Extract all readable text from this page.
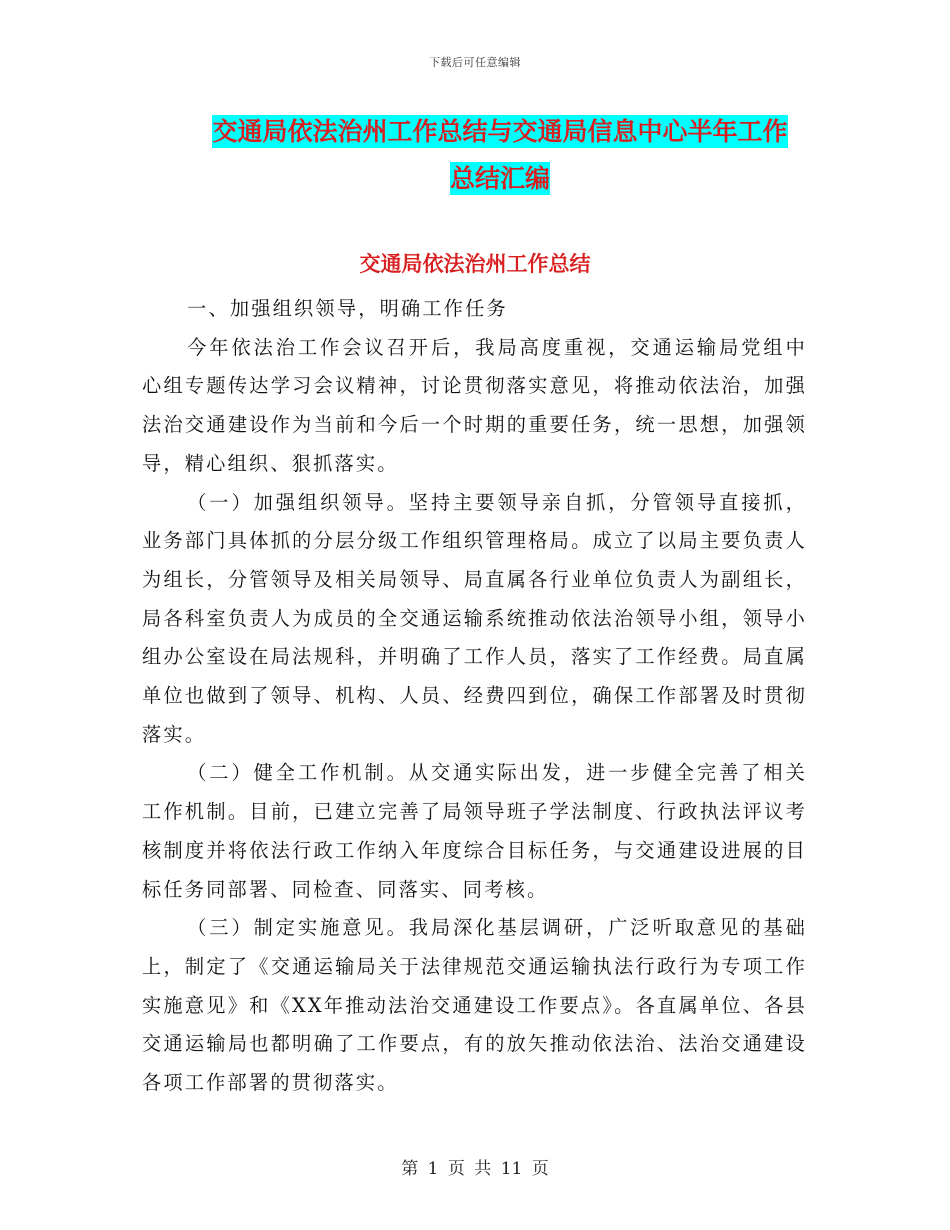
下载后可任意编辑
交通局依法治州工作总结与交通局信息中心半年工作
总结汇编
交通局依法治州工作总结

一、加强组织领导，明确工作任务

今年依法治工作会议召开后，我局高度重视，交通运输局党组中心组专题传达学习会议精神，讨论贯彻落实意见，将推动依法治，加强法治交通建设作为当前和今后一个时期的重要任务，统一思想，加强领导，精心组织、狠抓落实。

（一）加强组织领导。坚持主要领导亲自抓，分管领导直接抓，业务部门具体抓的分层分级工作组织管理格局。成立了以局主要负责人为组长，分管领导及相关局领导、局直属各行业单位负责人为副组长，局各科室负责人为成员的全交通运输系统推动依法治领导小组，领导小组办公室设在局法规科，并明确了工作人员，落实了工作经费。局直属单位也做到了领导、机构、人员、经费四到位，确保工作部署及时贯彻落实。

（二）健全工作机制。从交通实际出发，进一步健全完善了相关工作机制。目前，已建立完善了局领导班子学法制度、行政执法评议考核制度并将依法行政工作纳入年度综合目标任务，与交通建设进展的目标任务同部署、同检查、同落实、同考核。

（三）制定实施意见。我局深化基层调研，广泛听取意见的基础上，制定了《交通运输局关于法律规范交通运输执法行政行为专项工作实施意见》和《XX年推动法治交通建设工作要点》。各直属单位、各县交通运输局也都明确了工作要点，有的放矢推动依法治、法治交通建设各项工作部署的贯彻落实。

第 1 页 共 11 页
